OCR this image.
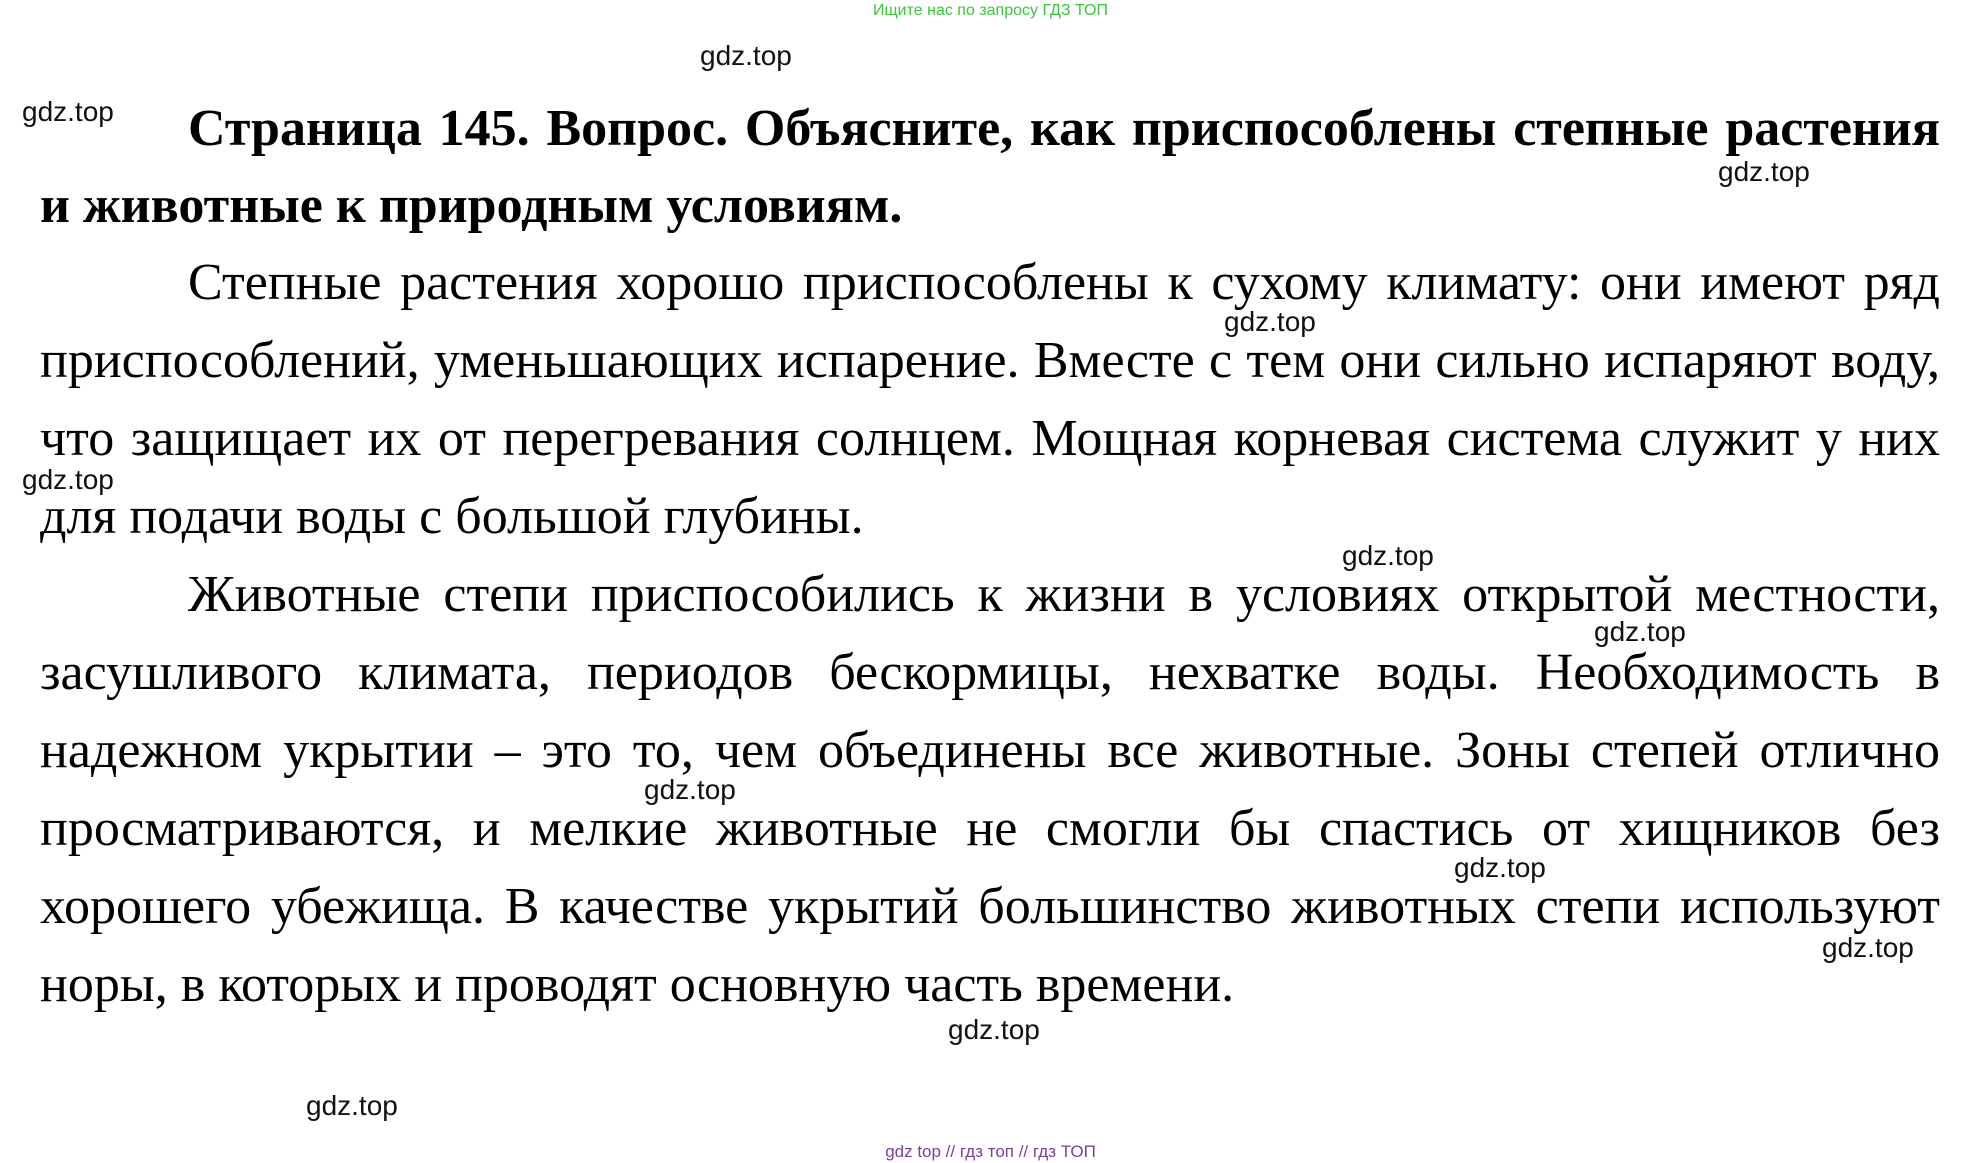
Ищите нас по запросу ГДЗ ТОП

Страница 145. Вопрос. Объясните, как приспособлены степные растения и животные к природным условиям.

Степные растения хорошо приспособлены к сухому климату: они имеют ряд приспособлений, уменьшающих испарение. Вместе с тем они сильно испаряют воду, что защищает их от перегревания солнцем. Мощная корневая система служит у них для подачи воды с большой глубины.

Животные степи приспособились к жизни в условиях открытой местности, засушливого климата, периодов бескормицы, нехватке воды. Необходимость в надежном укрытии – это то, чем объединены все животные. Зоны степей отлично просматриваются, и мелкие животные не смогли бы спастись от хищников без хорошего убежища. В качестве укрытий большинство животных степи используют норы, в которых и проводят основную часть времени.

gdz.top
gdz.top
gdz.top
gdz.top
gdz.top
gdz.top
gdz.top
gdz.top
gdz.top
gdz.top
gdz.top
gdz.top
gdz top // гдз топ // гдз ТОП
